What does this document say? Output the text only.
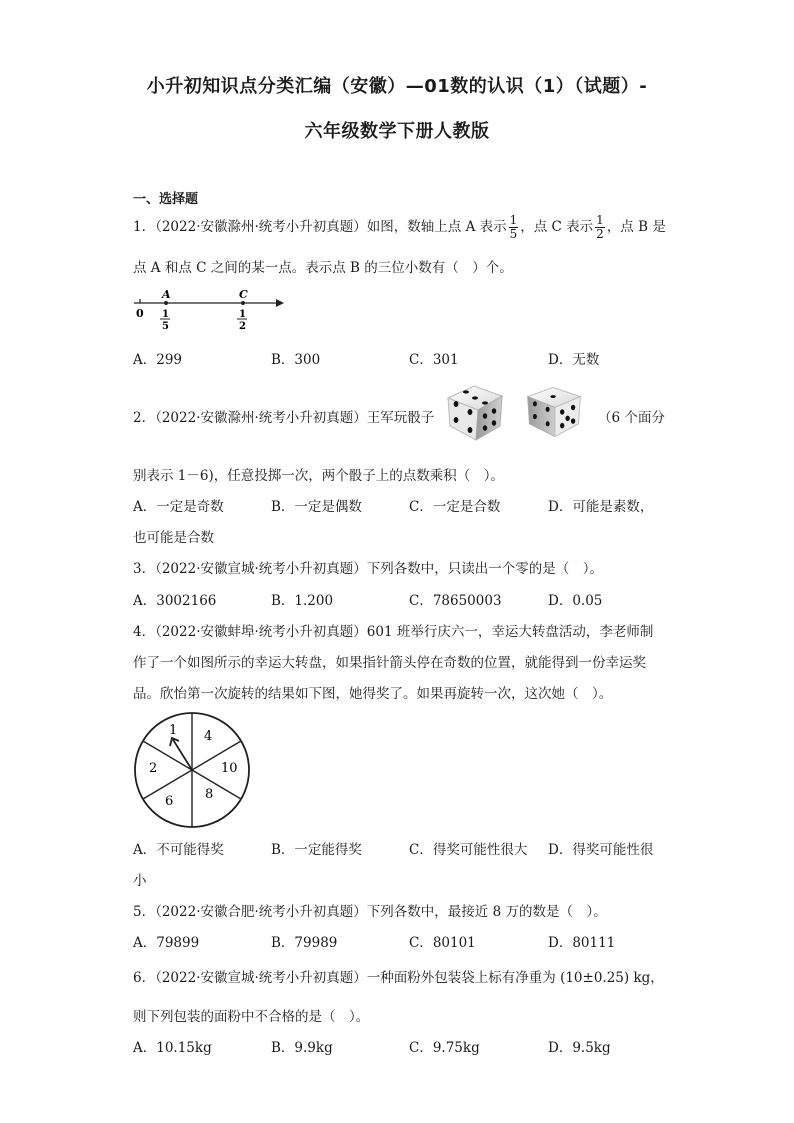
小升初知识点分类汇编（安徽）—01数的认识（1）（试题）-
六年级数学下册人教版
一、选择题
1．（2022·安徽滁州·统考小升初真题）如图，数轴上点 A 表示 $\frac{1}{5}$ ，点 C 表示 $\frac{1}{2}$ ，点 B 是
点 A 和点 C 之间的某一点。表示点 B 的三位小数有（　）个。
0
A	C
1
5
1
2
A．299	B．300	C．301	D．无数
2．（2022·安徽滁州·统考小升初真题）王军玩骰子	（6 个面分
别表示 1－6)，任意投掷一次，两个骰子上的点数乘积（　）。
A．一定是奇数	B．一定是偶数	C．一定是合数	D．可能是素数，
也可能是合数
3．（2022·安徽宣城·统考小升初真题）下列各数中，只读出一个零的是（　）。
A．3002166	B．1.200	C．78650003	D．0.05
4．（2022·安徽蚌埠·统考小升初真题）601 班举行庆六一，幸运大转盘活动，李老师制
作了一个如图所示的幸运大转盘，如果指针箭头停在奇数的位置，就能得到一份幸运奖
品。欣怡第一次旋转的结果如下图，她得奖了。如果再旋转一次，这次她（　）。
1 4
10
8
6
2
A．不可能得奖	B．一定能得奖	C．得奖可能性很大 D．得奖可能性很
小
5．（2022·安徽合肥·统考小升初真题）下列各数中，最接近 8 万的数是（　）。
A．79899	B．79989	C．80101	D．80111
6．（2022·安徽宣城·统考小升初真题）一种面粉外包装袋上标有净重为 (10±0.25) kg，
则下列包装的面粉中不合格的是（　）。
A．10.15kg	B．9.9kg	C．9.75kg	D．9.5kg
